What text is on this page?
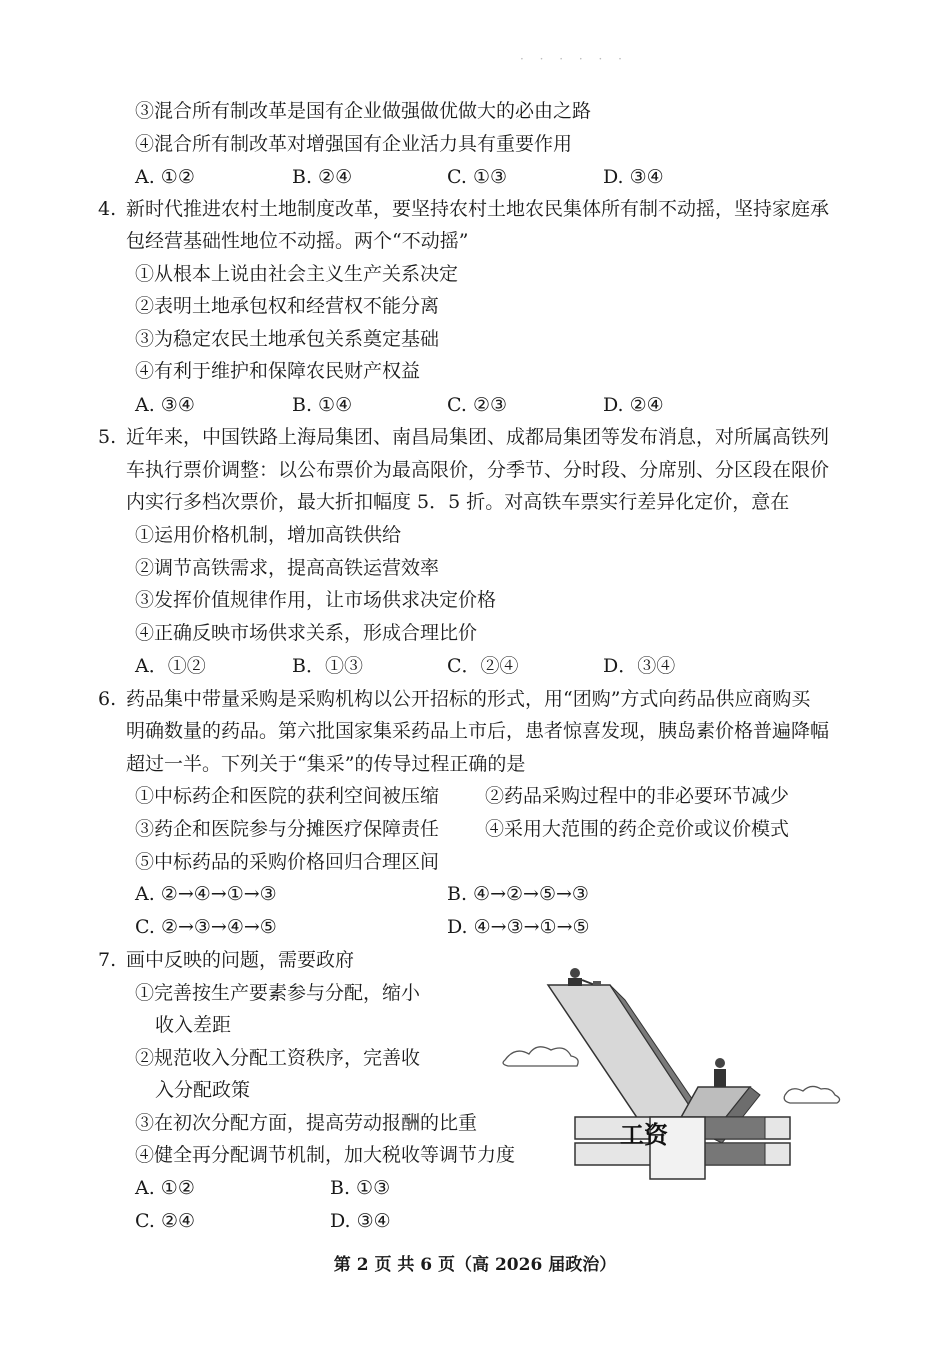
· · · · · ·
③混合所有制改革是国有企业做强做优做大的必由之路
④混合所有制改革对增强国有企业活力具有重要作用
A. ①②	B. ②④	C. ①③	D. ③④
4. 新时代推进农村土地制度改革，要坚持农村土地农民集体所有制不动摇，坚持家庭承
包经营基础性地位不动摇。两个“不动摇”
①从根本上说由社会主义生产关系决定
②表明土地承包权和经营权不能分离
③为稳定农民土地承包关系奠定基础
④有利于维护和保障农民财产权益
A. ③④	B. ①④	C. ②③	D. ②④
5. 近年来，中国铁路上海局集团、南昌局集团、成都局集团等发布消息，对所属高铁列
车执行票价调整：以公布票价为最高限价，分季节、分时段、分席别、分区段在限价
内实行多档次票价，最大折扣幅度 5．5 折。对高铁车票实行差异化定价，意在
①运用价格机制，增加高铁供给
②调节高铁需求，提高高铁运营效率
③发挥价值规律作用，让市场供求决定价格
④正确反映市场供求关系，形成合理比价
A．①②	B．①③	C．②④	D．③④
6. 药品集中带量采购是采购机构以公开招标的形式，用“团购”方式向药品供应商购买
明确数量的药品。第六批国家集采药品上市后，患者惊喜发现，胰岛素价格普遍降幅
超过一半。下列关于“集采”的传导过程正确的是
①中标药企和医院的获利空间被压缩 ②药品采购过程中的非必要环节减少
③药企和医院参与分摊医疗保障责任 ④采用大范围的药企竞价或议价模式
⑤中标药品的采购价格回归合理区间
A. ②→④→①→③	B. ④→②→⑤→③
C. ②→③→④→⑤	D. ④→③→①→⑤
7. 画中反映的问题，需要政府
①完善按生产要素参与分配，缩小
收入差距
②规范收入分配工资秩序，完善收
入分配政策
③在初次分配方面，提高劳动报酬的比重
④健全再分配调节机制，加大税收等调节力度
A. ①②	B. ①③
C. ②④	D. ③④
工资
第 2 页 共 6 页（高 2026 届政治）
